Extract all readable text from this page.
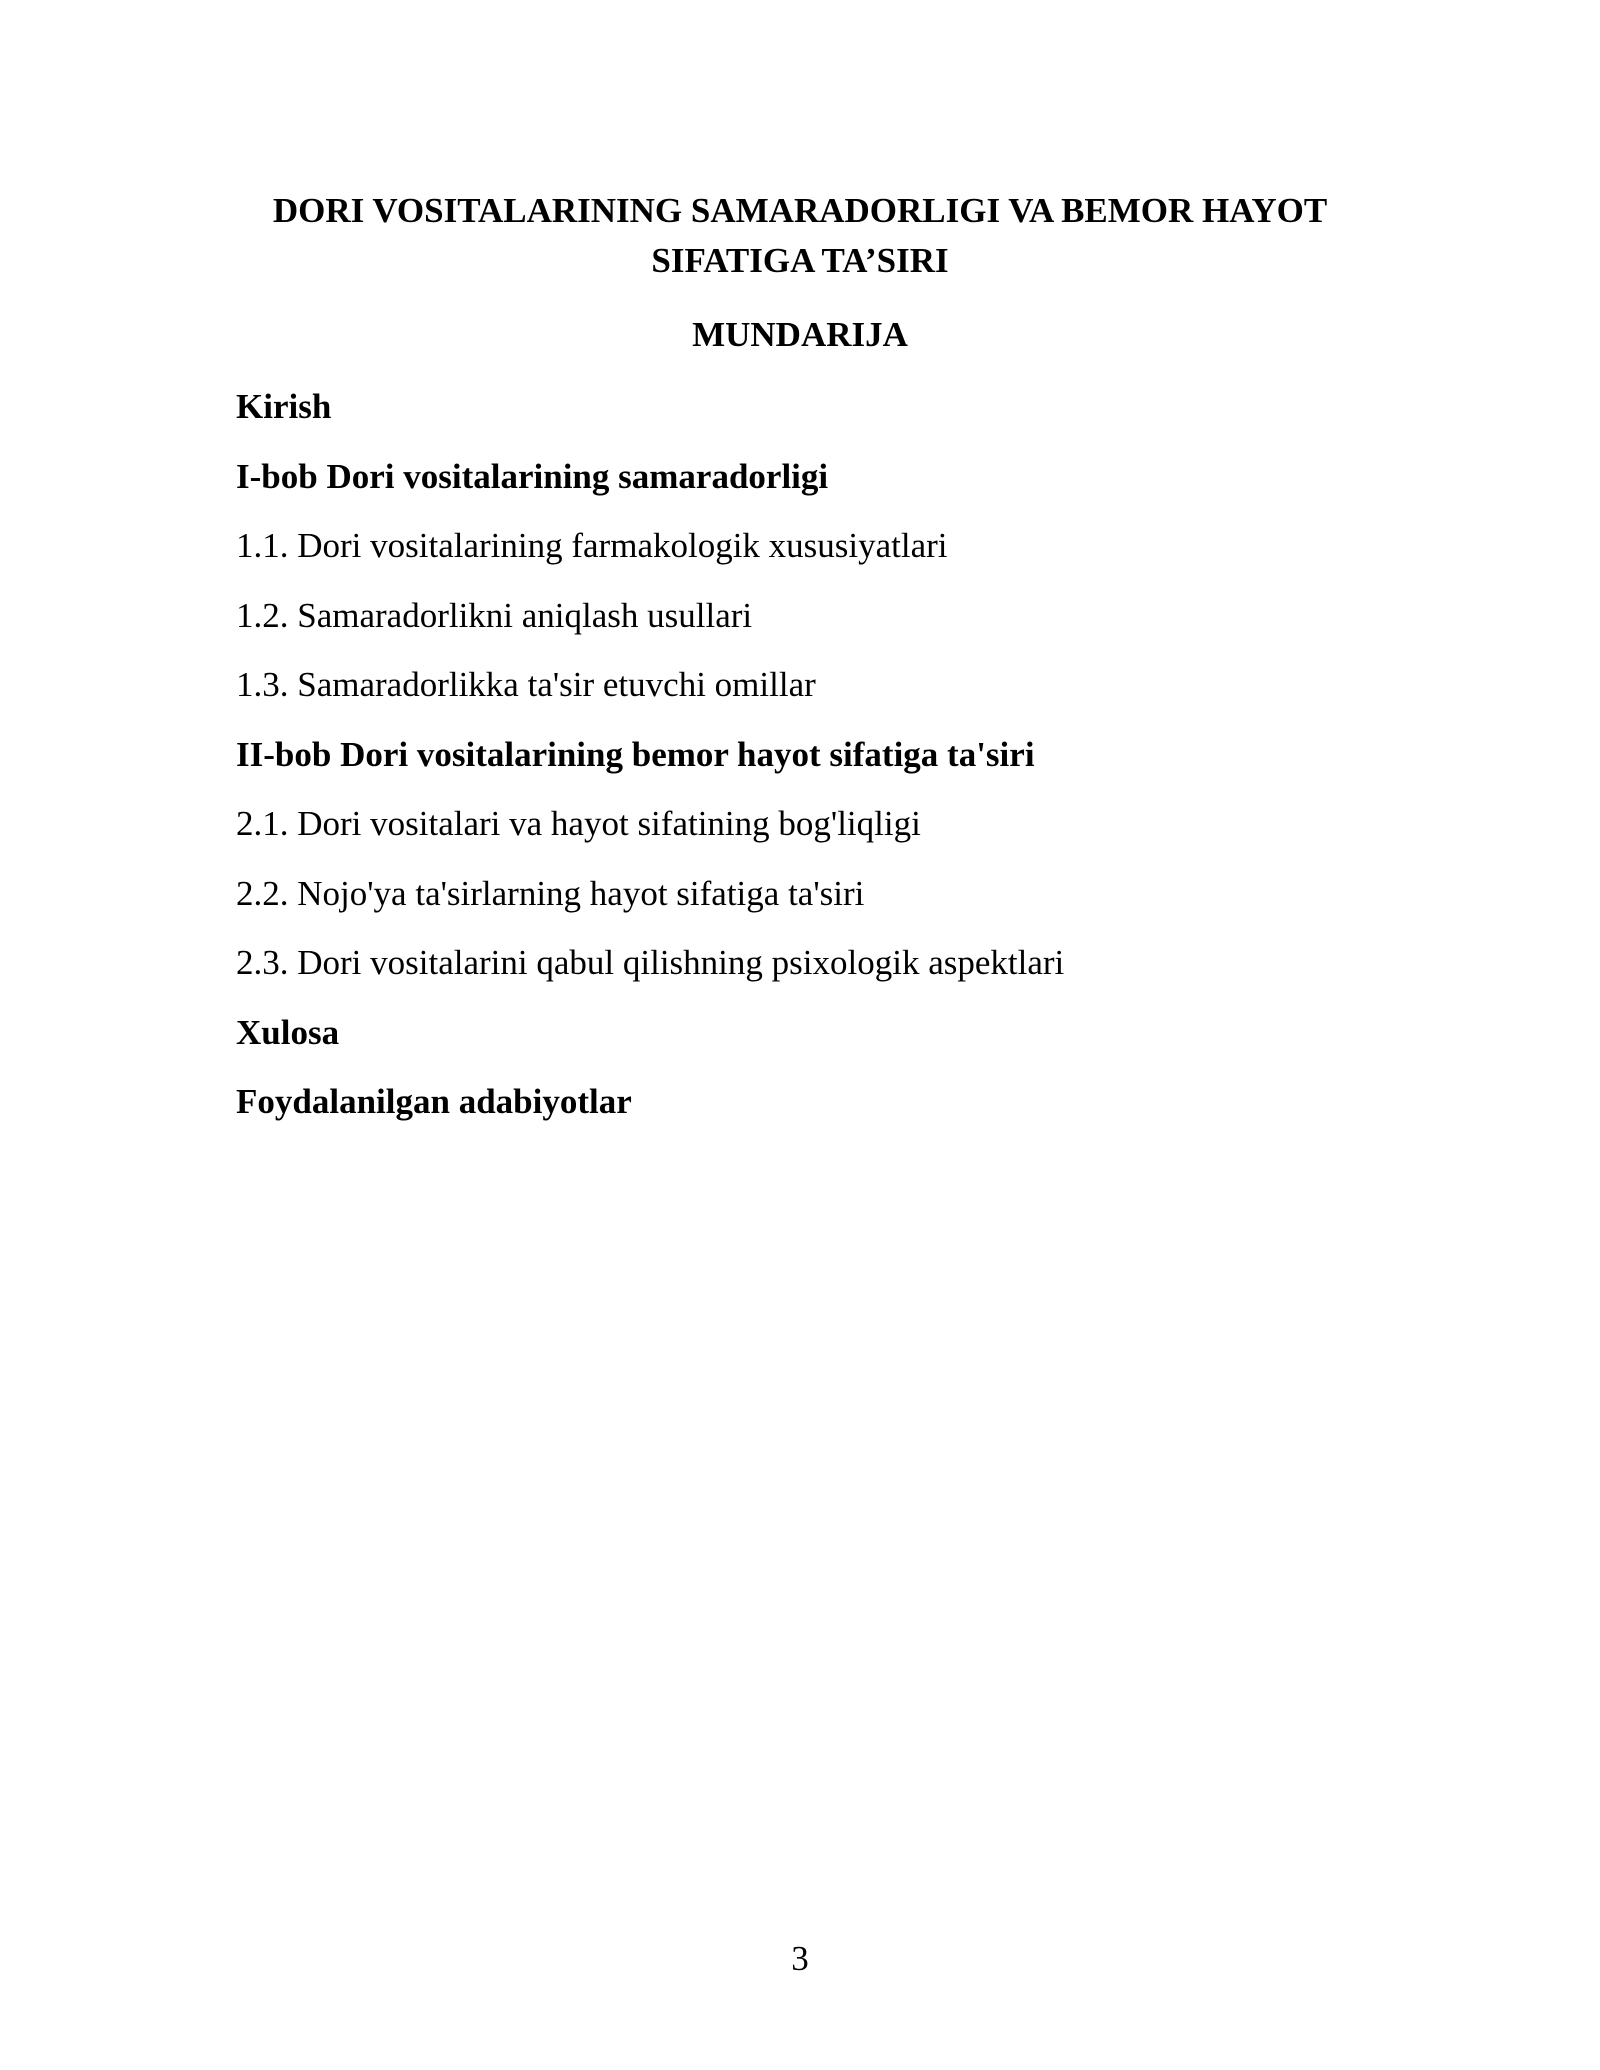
DORI VOSITALARINING SAMARADORLIGI VA BEMOR HAYOT
SIFATIGA TA’SIRI
MUNDARIJA
Kirish
I-bob Dori vositalarining samaradorligi
1.1. Dori vositalarining farmakologik xususiyatlari
1.2. Samaradorlikni aniqlash usullari
1.3. Samaradorlikka ta'sir etuvchi omillar
II-bob Dori vositalarining bemor hayot sifatiga ta'siri
2.1. Dori vositalari va hayot sifatining bog'liqligi
2.2. Nojo'ya ta'sirlarning hayot sifatiga ta'siri
2.3. Dori vositalarini qabul qilishning psixologik aspektlari
Xulosa
Foydalanilgan adabiyotlar
3
